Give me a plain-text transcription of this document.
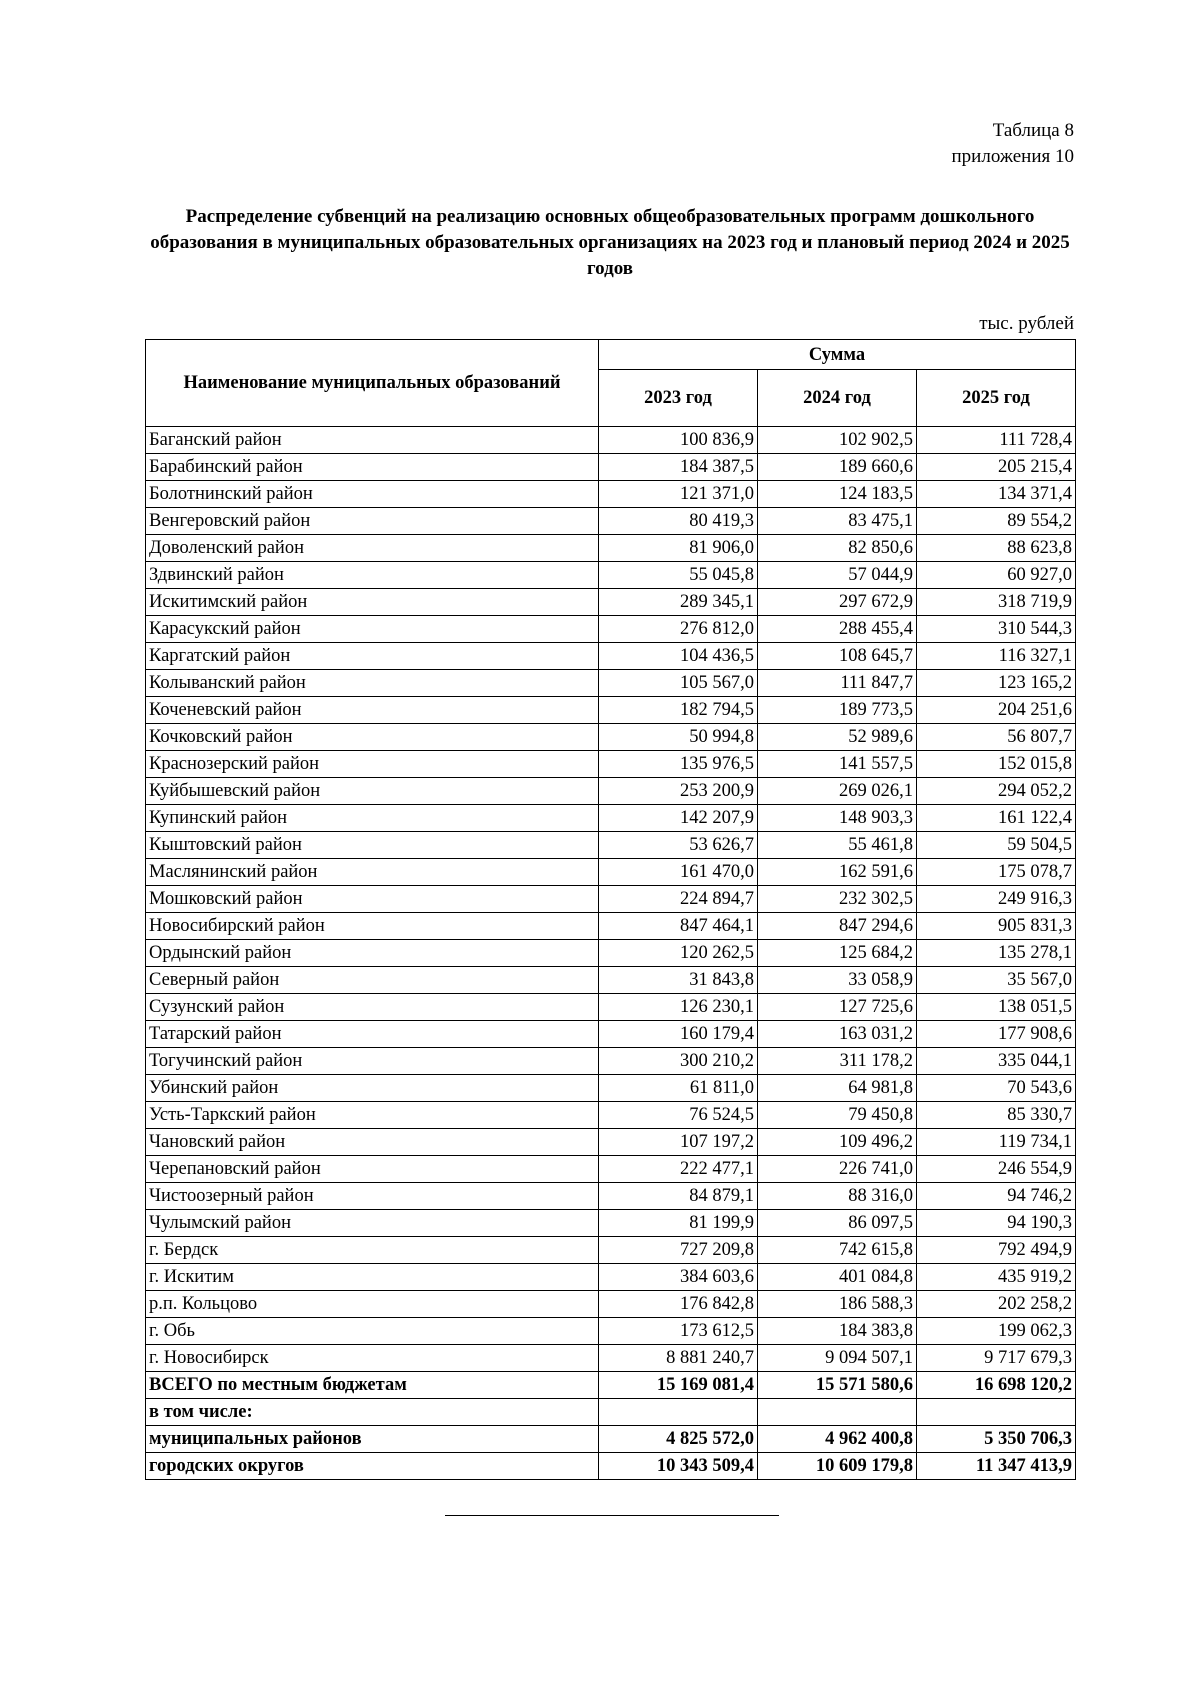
Таблица 8
приложения 10
Распределение субвенций на реализацию основных общеобразовательных программ дошкольного образования в муниципальных образовательных организациях на 2023 год и плановый период 2024 и 2025 годов
тыс. рублей
Наименование муниципальных образований	Сумма		
	2023 год	2024 год	2025 год
Баганский район	100 836,9	102 902,5	111 728,4
Барабинский район	184 387,5	189 660,6	205 215,4
Болотнинский район	121 371,0	124 183,5	134 371,4
Венгеровский район	80 419,3	83 475,1	89 554,2
Доволенский район	81 906,0	82 850,6	88 623,8
Здвинский район	55 045,8	57 044,9	60 927,0
Искитимский район	289 345,1	297 672,9	318 719,9
Карасукский район	276 812,0	288 455,4	310 544,3
Каргатский район	104 436,5	108 645,7	116 327,1
Колыванский район	105 567,0	111 847,7	123 165,2
Коченевский район	182 794,5	189 773,5	204 251,6
Кочковский район	50 994,8	52 989,6	56 807,7
Краснозерский район	135 976,5	141 557,5	152 015,8
Куйбышевский район	253 200,9	269 026,1	294 052,2
Купинский район	142 207,9	148 903,3	161 122,4
Кыштовский район	53 626,7	55 461,8	59 504,5
Маслянинский район	161 470,0	162 591,6	175 078,7
Мошковский район	224 894,7	232 302,5	249 916,3
Новосибирский район	847 464,1	847 294,6	905 831,3
Ордынский район	120 262,5	125 684,2	135 278,1
Северный район	31 843,8	33 058,9	35 567,0
Сузунский район	126 230,1	127 725,6	138 051,5
Татарский район	160 179,4	163 031,2	177 908,6
Тогучинский район	300 210,2	311 178,2	335 044,1
Убинский район	61 811,0	64 981,8	70 543,6
Усть-Таркский район	76 524,5	79 450,8	85 330,7
Чановский район	107 197,2	109 496,2	119 734,1
Черепановский район	222 477,1	226 741,0	246 554,9
Чистоозерный район	84 879,1	88 316,0	94 746,2
Чулымский район	81 199,9	86 097,5	94 190,3
г. Бердск	727 209,8	742 615,8	792 494,9
г. Искитим	384 603,6	401 084,8	435 919,2
р.п. Кольцово	176 842,8	186 588,3	202 258,2
г. Обь	173 612,5	184 383,8	199 062,3
г. Новосибирск	8 881 240,7	9 094 507,1	9 717 679,3
ВСЕГО по местным бюджетам	15 169 081,4	15 571 580,6	16 698 120,2
в том числе:			
муниципальных районов	4 825 572,0	4 962 400,8	5 350 706,3
городских округов	10 343 509,4	10 609 179,8	11 347 413,9
